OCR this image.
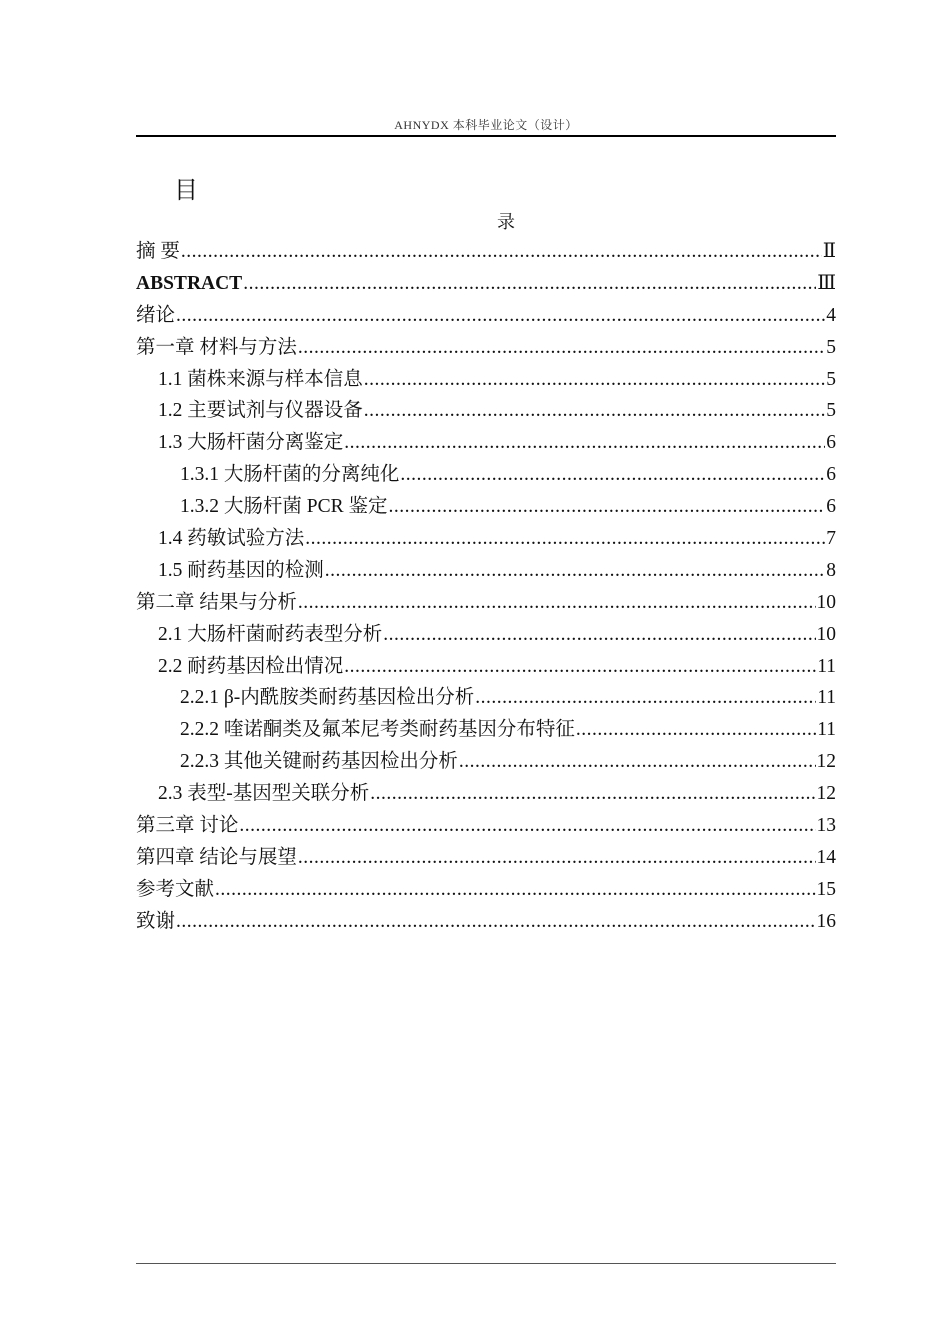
AHNYDX 本科毕业论文（设计）
目
录
摘 要 .....	Ⅱ
ABSTRACT .....	Ⅲ
绪论 .....	4
第一章 材料与方法 .....	5
1.1 菌株来源与样本信息 .....	5
1.2 主要试剂与仪器设备 .....	5
1.3 大肠杆菌分离鉴定 .....	6
1.3.1 大肠杆菌的分离纯化 .....	6
1.3.2 大肠杆菌 PCR 鉴定 .....	6
1.4 药敏试验方法 .....	7
1.5 耐药基因的检测 .....	8
第二章 结果与分析 .....	10
2.1 大肠杆菌耐药表型分析 .....	10
2.2 耐药基因检出情况 .....	11
2.2.1 β-内酰胺类耐药基因检出分析 .....	11
2.2.2 喹诺酮类及氟苯尼考类耐药基因分布特征 .....	11
2.2.3 其他关键耐药基因检出分析 .....	12
2.3 表型-基因型关联分析 .....	12
第三章 讨论 .....	13
第四章 结论与展望 .....	14
参考文献 .....	15
致谢 .....	16
